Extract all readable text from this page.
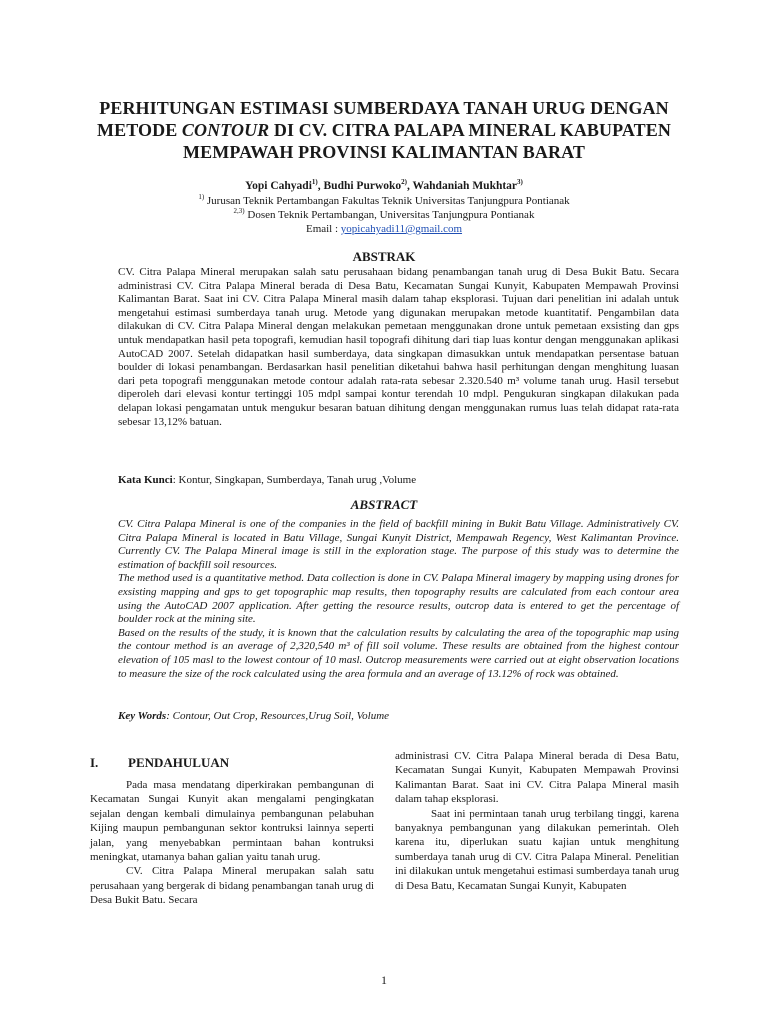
PERHITUNGAN ESTIMASI SUMBERDAYA TANAH URUG DENGAN METODE CONTOUR DI CV. CITRA PALAPA MINERAL KABUPATEN MEMPAWAH PROVINSI KALIMANTAN BARAT
Yopi Cahyadi$^{1)}$, Budhi Purwoko$^{2)}$, Wahdaniah Mukhtar$^{3)}$
$^{1)}$ Jurusan Teknik Pertambangan Fakultas Teknik Universitas Tanjungpura Pontianak
$^{2,3)}$ Dosen Teknik Pertambangan, Universitas Tanjungpura Pontianak
Email : yopicahyadi11@gmail.com
ABSTRAK
CV. Citra Palapa Mineral merupakan salah satu perusahaan bidang penambangan tanah urug di Desa Bukit Batu. Secara administrasi CV. Citra Palapa Mineral berada di Desa Batu, Kecamatan Sungai Kunyit, Kabupaten Mempawah Provinsi Kalimantan Barat. Saat ini CV. Citra Palapa Mineral masih dalam tahap eksplorasi. Tujuan dari penelitian ini adalah untuk mengetahui estimasi sumberdaya tanah urug. Metode yang digunakan merupakan metode kuantitatif. Pengambilan data dilakukan di CV. Citra Palapa Mineral dengan melakukan pemetaan menggunakan drone untuk pemetaan exsisting dan gps untuk mendapatkan hasil peta topografi, kemudian hasil topografi dihitung dari tiap luas kontur dengan menggunakan aplikasi AutoCAD 2007. Setelah didapatkan hasil sumberdaya, data singkapan dimasukkan untuk mendapatkan persentase batuan boulder di lokasi penambangan. Berdasarkan hasil penelitian diketahui bahwa hasil perhitungan dengan menghitung luasan dari peta topografi menggunakan metode contour adalah rata-rata sebesar 2.320.540 m³ volume tanah urug. Hasil tersebut diperoleh dari elevasi kontur tertinggi 105 mdpl sampai kontur terendah 10 mdpl. Pengukuran singkapan dilakukan pada delapan lokasi pengamatan untuk mengukur besaran batuan dihitung dengan menggunakan rumus luas telah didapat rata-rata sebesar 13,12% batuan.
Kata Kunci: Kontur, Singkapan, Sumberdaya, Tanah urug ,Volume
ABSTRACT
CV. Citra Palapa Mineral is one of the companies in the field of backfill mining in Bukit Batu Village. Administratively CV. Citra Palapa Mineral is located in Batu Village, Sungai Kunyit District, Mempawah Regency, West Kalimantan Province. Currently CV. The Palapa Mineral image is still in the exploration stage. The purpose of this study was to determine the estimation of backfill soil resources.
The method used is a quantitative method. Data collection is done in CV. Palapa Mineral imagery by mapping using drones for exsisting mapping and gps to get topographic map results, then topography results are calculated from each contour area using the AutoCAD 2007 application. After getting the resource results, outcrop data is entered to get the percentage of boulder rock at the mining site.
Based on the results of the study, it is known that the calculation results by calculating the area of the topographic map using the contour method is an average of 2,320,540 m³ of fill soil volume. These results are obtained from the highest contour elevation of 105 masl to the lowest contour of 10 masl. Outcrop measurements were carried out at eight observation locations to measure the size of the rock calculated using the area formula and an average of 13.12% of rock was obtained.
Key Words: Contour, Out Crop, Resources,Urug Soil, Volume
I. PENDAHULUAN

Pada masa mendatang diperkirakan pembangunan di Kecamatan Sungai Kunyit akan mengalami pengingkatan sejalan dengan kembali dimulainya pembangunan pelabuhan Kijing maupun pembangunan sektor kontruksi lainnya seperti jalan, yang menyebabkan permintaan bahan kontruksi meningkat, utamanya bahan galian yaitu tanah urug.

CV. Citra Palapa Mineral merupakan salah satu perusahaan yang bergerak di bidang penambangan tanah urug di Desa Bukit Batu. Secara

administrasi CV. Citra Palapa Mineral berada di Desa Batu, Kecamatan Sungai Kunyit, Kabupaten Mempawah Provinsi Kalimantan Barat. Saat ini CV. Citra Palapa Mineral masih dalam tahap eksplorasi.

Saat ini permintaan tanah urug terbilang tinggi, karena banyaknya pembangunan yang dilakukan pemerintah. Oleh karena itu, diperlukan suatu kajian untuk menghitung sumberdaya tanah urug di CV. Citra Palapa Mineral. Penelitian ini dilakukan untuk mengetahui estimasi sumberdaya tanah urug di Desa Batu, Kecamatan Sungai Kunyit, Kabupaten

1
